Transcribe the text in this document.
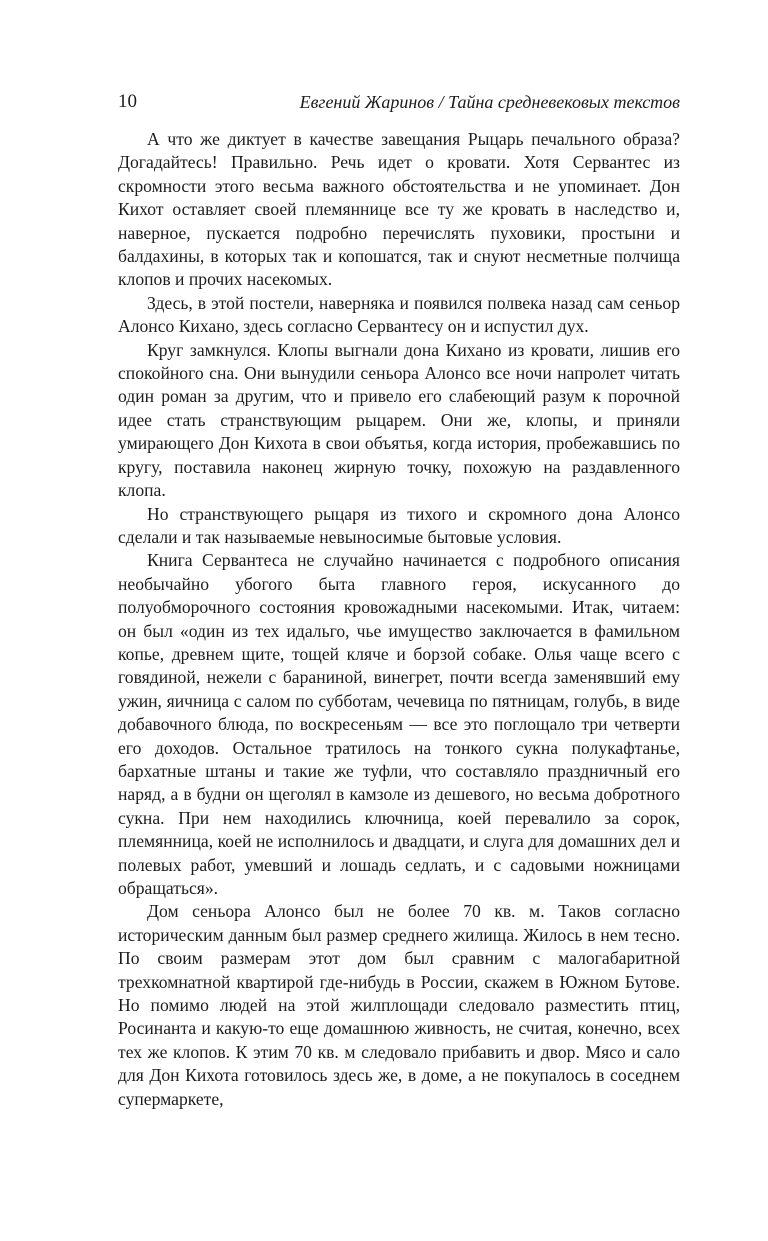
10	Евгений Жаринов / Тайна средневековых текстов

А что же диктует в качестве завещания Рыцарь печального образа? Догадайтесь! Правильно. Речь идет о кровати. Хотя Сервантес из скромности этого весьма важного обстоятельства и не упоминает. Дон Кихот оставляет своей племяннице все ту же кровать в наследство и, наверное, пускается подробно перечислять пуховики, простыни и балдахины, в которых так и копошатся, так и снуют несметные полчища клопов и прочих насекомых.

Здесь, в этой постели, наверняка и появился полвека назад сам сеньор Алонсо Кихано, здесь согласно Сервантесу он и испустил дух.

Круг замкнулся. Клопы выгнали дона Кихано из кровати, лишив его спокойного сна. Они вынудили сеньора Алонсо все ночи напролет читать один роман за другим, что и привело его слабеющий разум к порочной идее стать странствующим рыцарем. Они же, клопы, и приняли умирающего Дон Кихота в свои объятья, когда история, пробежавшись по кругу, поставила наконец жирную точку, похожую на раздавленного клопа.

Но странствующего рыцаря из тихого и скромного дона Алонсо сделали и так называемые невыносимые бытовые условия.

Книга Сервантеса не случайно начинается с подробного описания необычайно убогого быта главного героя, искусанного до полуобморочного состояния кровожадными насекомыми. Итак, читаем: он был «один из тех идальго, чье имущество заключается в фамильном копье, древнем щите, тощей кляче и борзой собаке. Олья чаще всего с говядиной, нежели с бараниной, винегрет, почти всегда заменявший ему ужин, яичница с салом по субботам, чечевица по пятницам, голубь, в виде добавочного блюда, по воскресеньям — все это поглощало три четверти его доходов. Остальное тратилось на тонкого сукна полукафтанье, бархатные штаны и такие же туфли, что составляло праздничный его наряд, а в будни он щеголял в камзоле из дешевого, но весьма добротного сукна. При нем находились ключница, коей перевалило за сорок, племянница, коей не исполнилось и двадцати, и слуга для домашних дел и полевых работ, умевший и лошадь седлать, и с садовыми ножницами обращаться».

Дом сеньора Алонсо был не более 70 кв. м. Таков согласно историческим данным был размер среднего жилища. Жилось в нем тесно. По своим размерам этот дом был сравним с малогабаритной трехкомнатной квартирой где-нибудь в России, скажем в Южном Бутове. Но помимо людей на этой жилплощади следовало разместить птиц, Росинанта и какую-то еще домашнюю живность, не считая, конечно, всех тех же клопов. К этим 70 кв. м следовало прибавить и двор. Мясо и сало для Дон Кихота готовилось здесь же, в доме, а не покупалось в соседнем супермаркете,
